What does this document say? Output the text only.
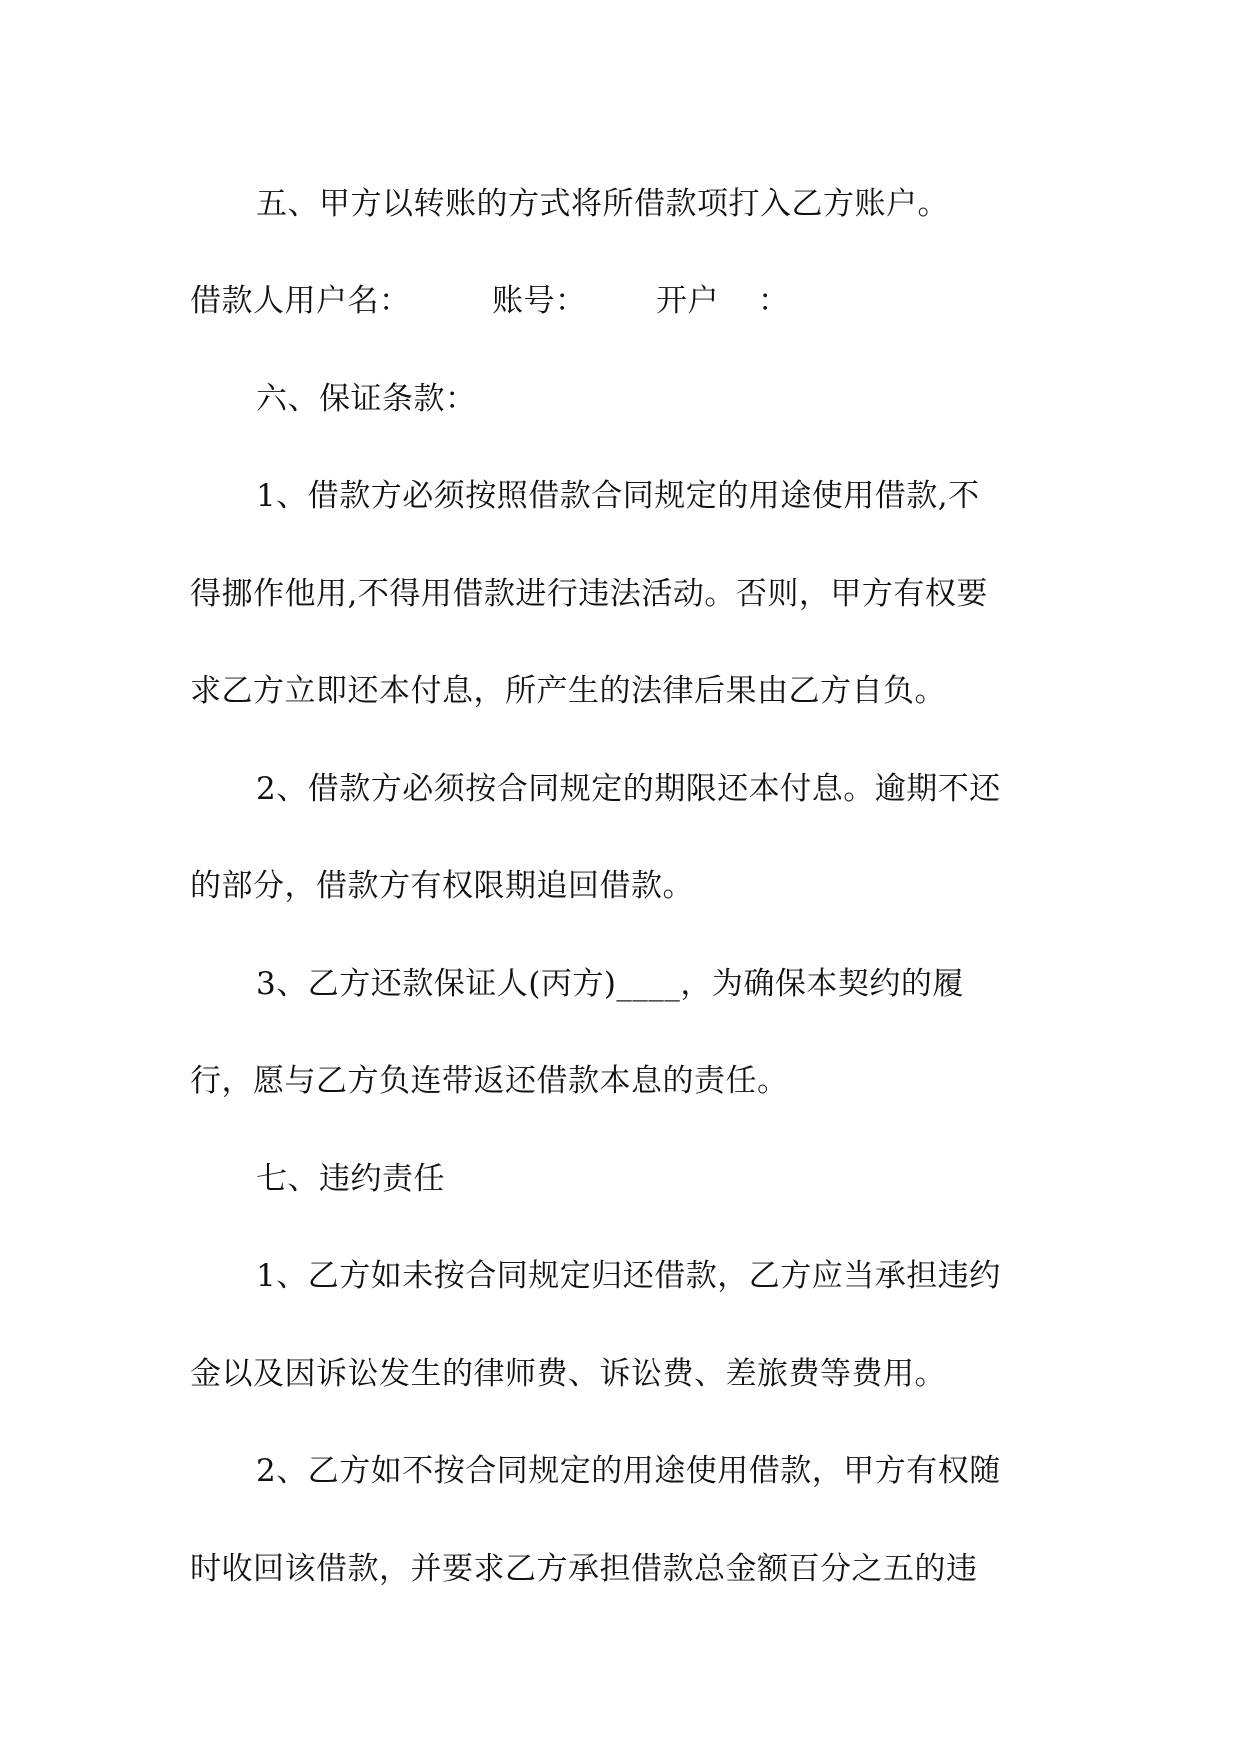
五、甲方以转账的方式将所借款项打入乙方账户。
借款人用户名：	账号： 开户 ：
六、保证条款：
1、借款方必须按照借款合同规定的用途使用借款,不
得挪作他用,不得用借款进行违法活动。否则，甲方有权要
求乙方立即还本付息，所产生的法律后果由乙方自负。
2、借款方必须按合同规定的期限还本付息。逾期不还
的部分，借款方有权限期追回借款。
3、乙方还款保证人(丙方)____，为确保本契约的履
行，愿与乙方负连带返还借款本息的责任。
七、违约责任
1、乙方如未按合同规定归还借款，乙方应当承担违约
金以及因诉讼发生的律师费、诉讼费、差旅费等费用。
2、乙方如不按合同规定的用途使用借款，甲方有权随
时收回该借款，并要求乙方承担借款总金额百分之五的违
